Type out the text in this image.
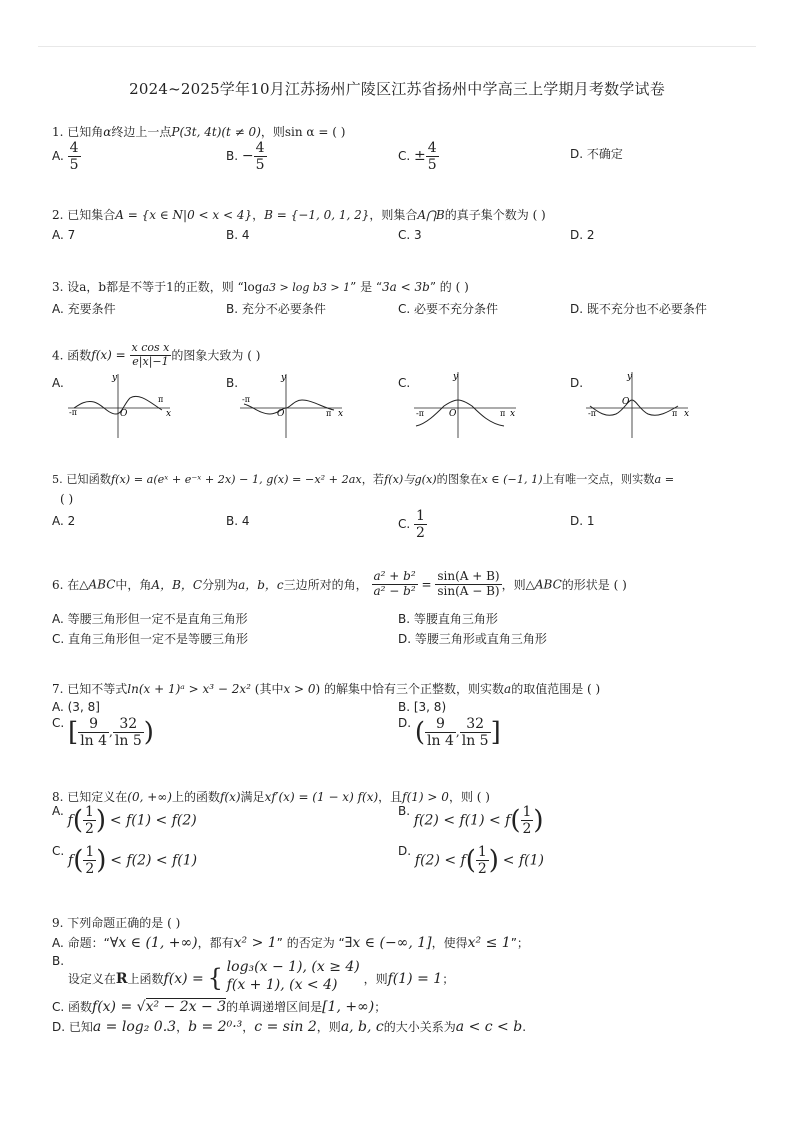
2024~2025学年10月江苏扬州广陵区江苏省扬州中学高三上学期月考数学试卷
1. 已知角α终边上一点P(3t, 4t)(t ≠ 0)，则sin α = ( )
A. $\frac{4}{5}$	B. − $\frac{4}{5}$	C. ± $\frac{4}{5}$	D. 不确定
2. 已知集合A = {x ∈ N|0 < x < 4}，B = {−1, 0, 1, 2}，则集合A⋂B的真子集个数为 ( )
A. 7	B. 4	C. 3	D. 2
3. 设a，b都是不等于1的正数，则 “loga3 > log b3 > 1” 是 “3a < 3b” 的 ( )
A. 充要条件	B. 充分不必要条件	C. 必要不充分条件	D. 既不充分也不必要条件
4. 函数$f(x) = \frac{\text{x cos x}}{e|x|-1}$ 的图象大致为 ( )
A.	B.	C.	D.
y
x
-π
π
O
y
x
-π
π
O
y
x
-π	π
O
y
x
-π	π
O
5. 已知函数f(x) = a(eˣ + e⁻ˣ + 2x) − 1, g(x) = −x² + 2ax，若f(x)与g(x)的图象在x ∈ (−1, 1)上有唯一交点，则实数a =
( )
A. 2	B. 4	C. $\frac{1}{2}$	D. 1
6. 在△ABC中，角A，B，C分别为a，b，c三边所对的角， $\frac{\text{a² + b²}}{\text{a² − b²}} = \frac{\sin(A + B)}{\sin(A - B)}$ ，则△ABC的形状是 ( )
A. 等腰三角形但一定不是直角三角形	B. 等腰直角三角形
C. 直角三角形但一定不是等腰三角形	D. 等腰三角形或直角三角形
7. 已知不等式ln(x + 1)ᵃ > x³ − 2x² (其中x > 0) 的解集中恰有三个正整数，则实数a的取值范围是 ( )
A. (3, 8]	B. [3, 8)
C. [ $\frac{9}{\ln 4}$ , $\frac{32}{\ln 5}$ )	D. ( $\frac{9}{\ln 4}$ , $\frac{32}{\ln 5}$ ]
8. 已知定义在(0, +∞)上的函数f(x)满足xf′(x) = (1 − x) f(x)，且f(1) > 0，则 ( )
A. $f( \frac{1}{2}$ ) < f(1) < f(2)
B. $f(2) < f(1) < f( \frac{1}{2}$ )
C. $f( \frac{1}{2}$ ) < f(2) < f(1)
D. $f(2) < f( \frac{1}{2}$ ) < f(1)
9. 下列命题正确的是 ( )
A. 命题：“∀x ∈ (1, +∞)，都有x² > 1” 的否定为 “∃x ∈ (−∞, 1]，使得x² ≤ 1”；
B. 设定义在R上函数f(x) = { log₃(x − 1), (x ≥ 4)
f(x + 1), (x < 4)	，则f(1) = 1；
C. 函数f(x) = √x² − 2x − 3的单调递增区间是[1, +∞)；
D. 已知a = log₂ 0.3，b = 2⁰·³，c = sin 2，则a, b, c的大小关系为a < c < b.
